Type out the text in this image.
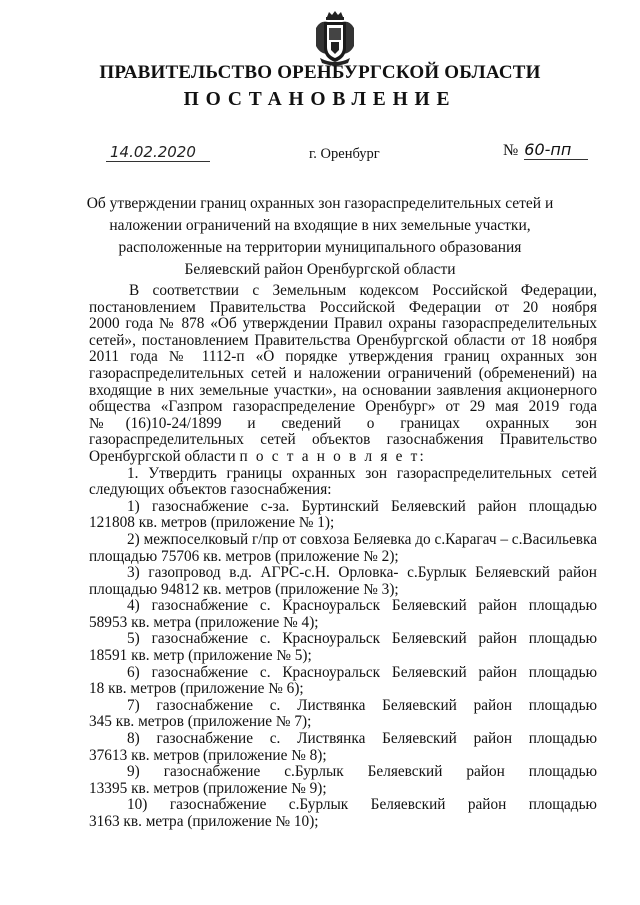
ПРАВИТЕЛЬСТВО ОРЕНБУРГСКОЙ ОБЛАСТИ
ПОСТАНОВЛЕНИЕ
14.02.2020	г. Оренбург	№ 60-пп
Об утверждении границ охранных зон газораспределительных сетей и
наложении ограничений на входящие в них земельные участки,
расположенные на территории муниципального образования
Беляевский район Оренбургской области
В соответствии с Земельным кодексом Российской Федерации,
постановлением Правительства Российской Федерации от 20 ноября
2000 года № 878 «Об утверждении Правил охраны газораспределительных
сетей», постановлением Правительства Оренбургской области от 18 ноября
2011 года № 1112-п «О порядке утверждения границ охранных зон
газораспределительных сетей и наложении ограничений (обременений) на
входящие в них земельные участки», на основании заявления акционерного
общества «Газпром газораспределение Оренбург» от 29 мая 2019 года
№(16)10-24/1899 и сведений о границах охранных зон
газораспределительных сетей объектов газоснабжения Правительство
Оренбургской области п о с т а н о в л я е т:
1. Утвердить границы охранных зон газораспределительных сетей
следующих объектов газоснабжения:
1) газоснабжение с-за. Буртинский Беляевский район площадью
121808 кв. метров (приложение № 1);
2) межпоселковый г/пр от совхоза Беляевка до с.Карагач – с.Васильевка
площадью 75706 кв. метров (приложение № 2);
3) газопровод в.д. АГРС-с.Н. Орловка- с.Бурлык Беляевский район
площадью 94812 кв. метров (приложение № 3);
4) газоснабжение с. Красноуральск Беляевский район площадью
58953 кв. метра (приложение № 4);
5) газоснабжение с. Красноуральск Беляевский район площадью
18591 кв. метр (приложение № 5);
6) газоснабжение с. Красноуральск Беляевский район площадью
18 кв. метров (приложение № 6);
7) газоснабжение с. Листвянка Беляевский район площадью
345 кв. метров (приложение № 7);
8) газоснабжение с. Листвянка Беляевский район площадью
37613 кв. метров (приложение № 8);
9) газоснабжение с.Бурлык Беляевский район площадью
13395 кв. метров (приложение № 9);
10) газоснабжение с.Бурлык Беляевский район площадью
3163 кв. метра (приложение № 10);
